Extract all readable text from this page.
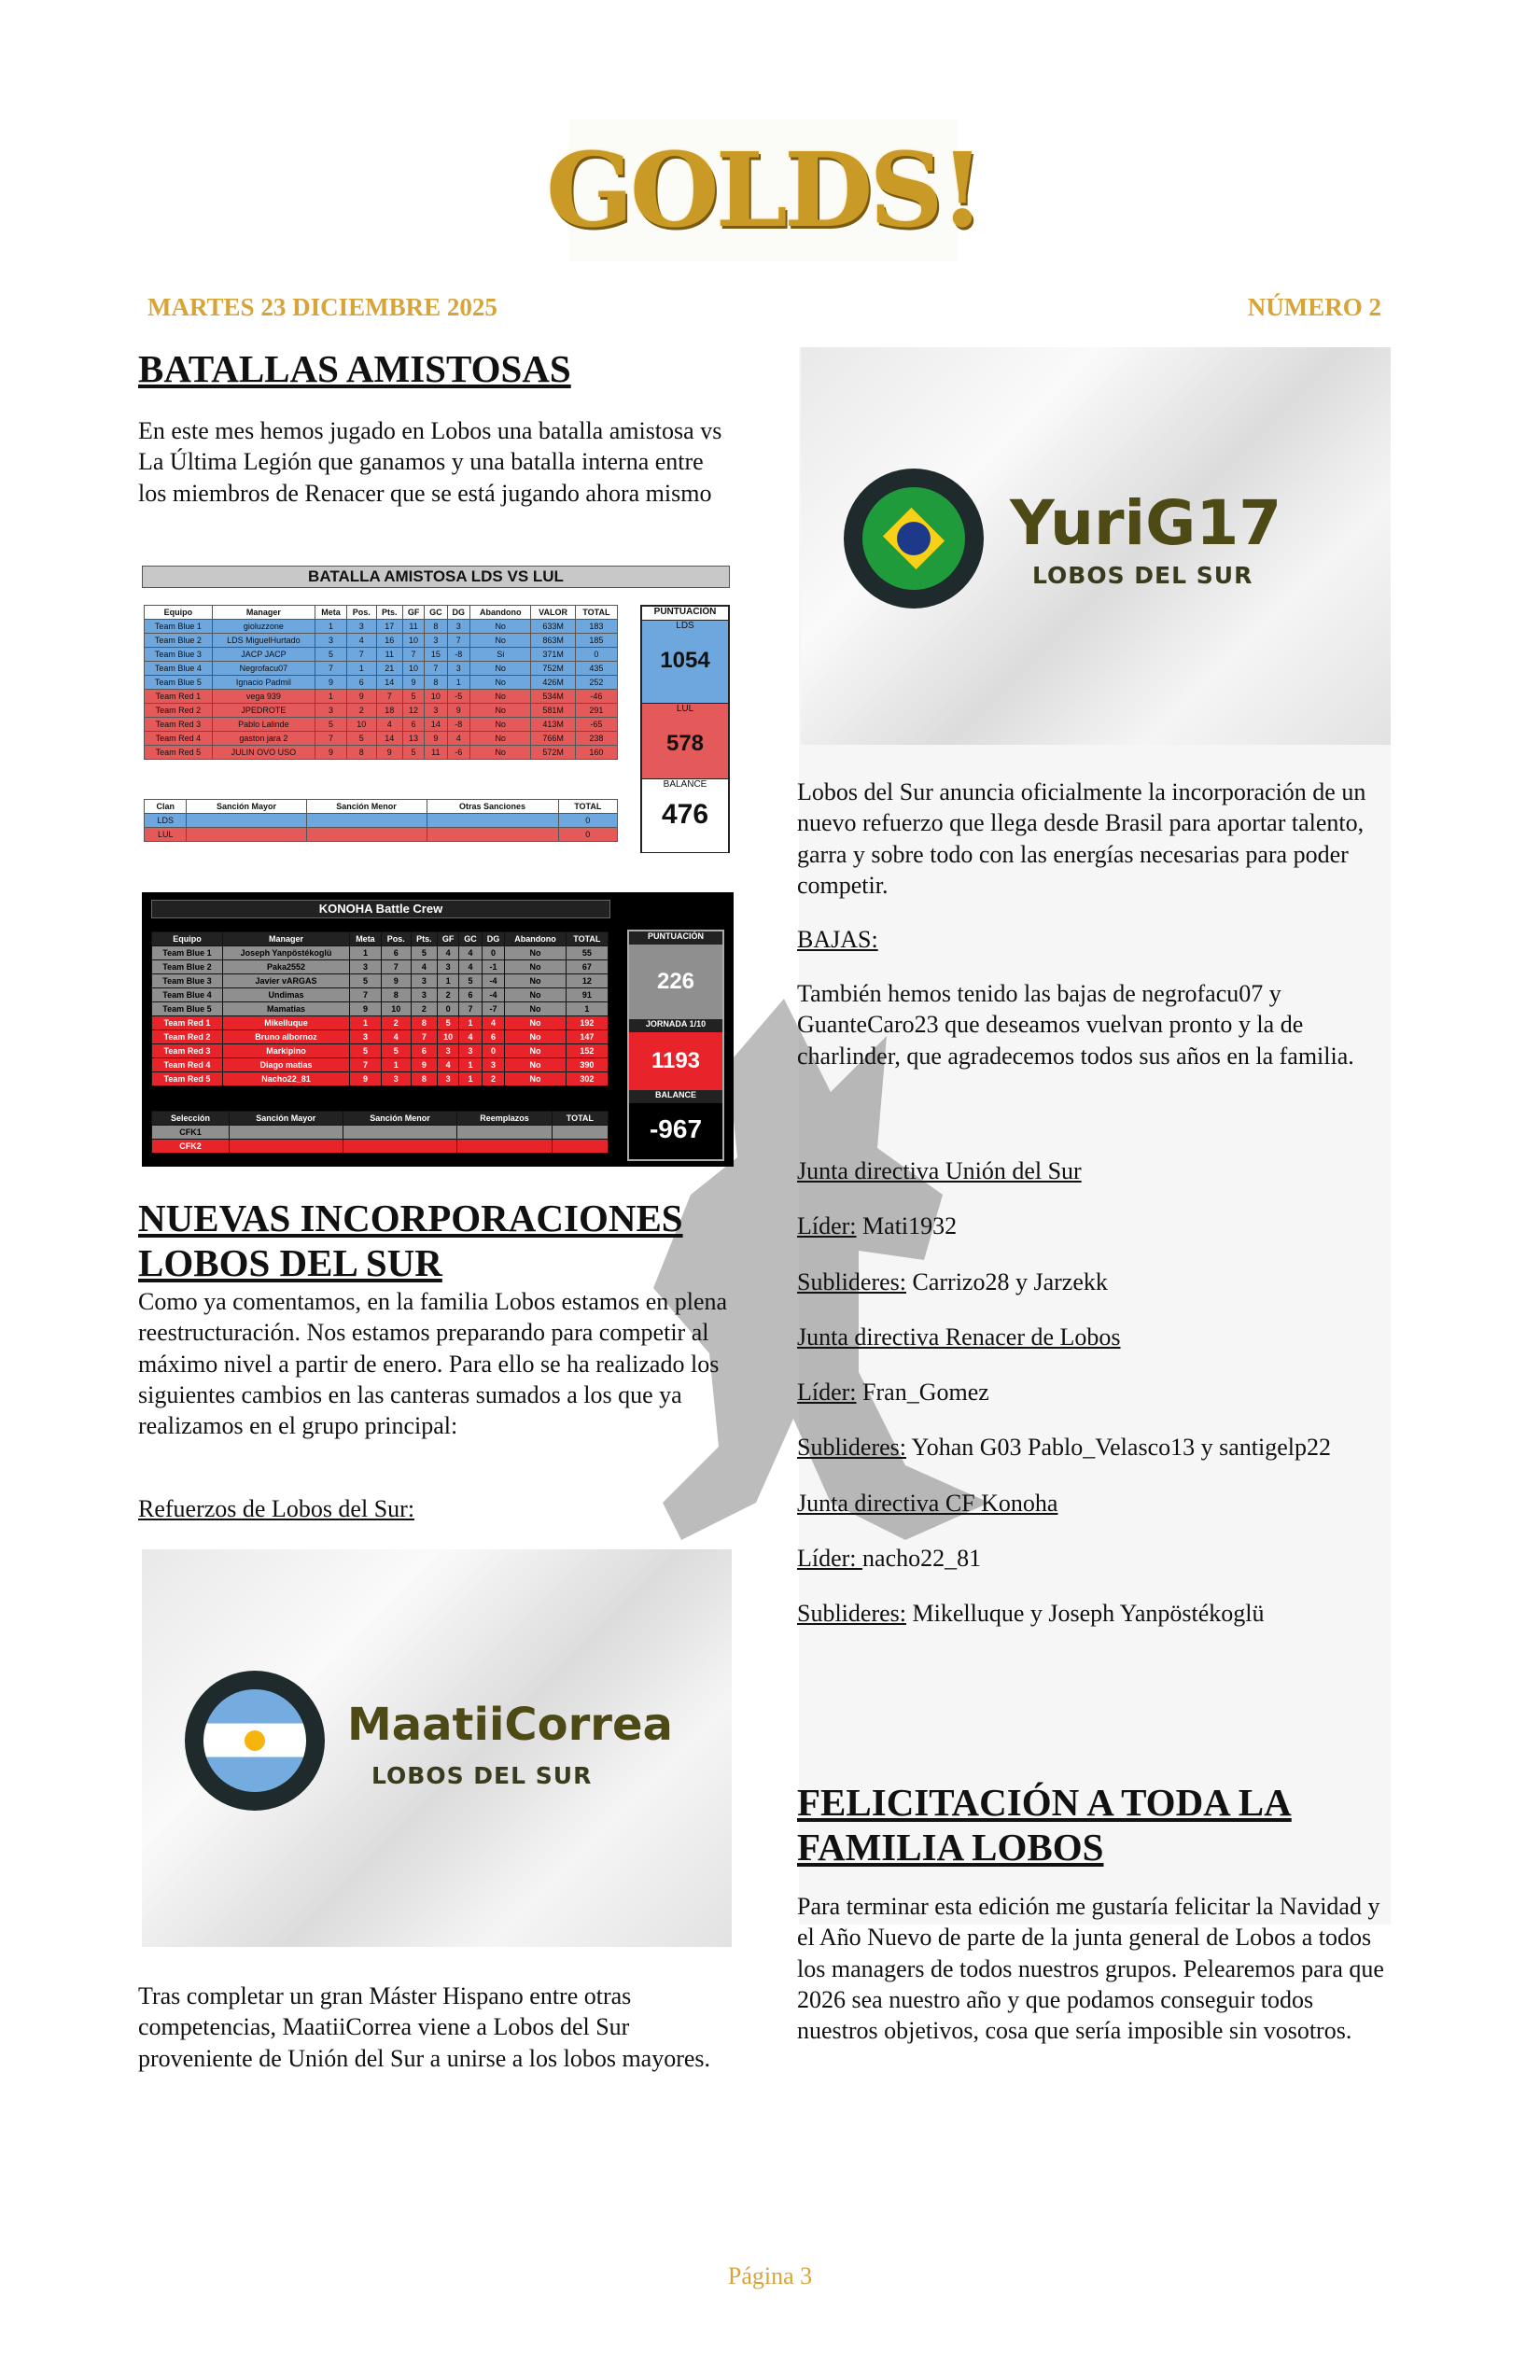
GOLDS!
MARTES 23 DICIEMBRE 2025	NÚMERO 2
BATALLAS AMISTOSAS

En este mes hemos jugado en Lobos una batalla amistosa vs La Última Legión que ganamos y una batalla interna entre los miembros de Renacer que se está jugando ahora mismo

BATALLA AMISTOSA LDS VS LUL
Equipo	Manager	Meta	Pos.	Pts.	GF	GC	DG	Abandono	VALOR	TOTAL
Team Blue 1	gioluzzone	1	3	17	11	8	3	No	633M	183
Team Blue 2	LDS MiguelHurtado	3	4	16	10	3	7	No	863M	185
Team Blue 3	JACP JACP	5	7	11	7	15	-8	Si	371M	0
Team Blue 4	Negrofacu07	7	1	21	10	7	3	No	752M	435
Team Blue 5	Ignacio Padmil	9	6	14	9	8	1	No	426M	252
Team Red 1	vega 939	1	9	7	5	10	-5	No	534M	-46
Team Red 2	JPEDROTE	3	2	18	12	3	9	No	581M	291
Team Red 3	Pablo Lalinde	5	10	4	6	14	-8	No	413M	-65
Team Red 4	gaston jara 2	7	5	14	13	9	4	No	766M	238
Team Red 5	JULIN OVO USO	9	8	9	5	11	-6	No	572M	160
Clan	Sanción Mayor	Sanción Menor	Otras Sanciones	TOTAL
LDS				0
LUL				0
PUNTUACIÓN
LDS
1054
LUL
578
BALANCE
476
KONOHA Battle Crew
Equipo	Manager	Meta	Pos.	Pts.	GF	GC	DG	Abandono	TOTAL
Team Blue 1	Joseph Yanpöstékoglü	1	6	5	4	4	0	No	55
Team Blue 2	Paka2552	3	7	4	3	4	-1	No	67
Team Blue 3	Javier vARGAS	5	9	3	1	5	-4	No	12
Team Blue 4	Undimas	7	8	3	2	6	-4	No	91
Team Blue 5	Mamatias	9	10	2	0	7	-7	No	1
Team Red 1	Mikelluque	1	2	8	5	1	4	No	192
Team Red 2	Bruno albornoz	3	4	7	10	4	6	No	147
Team Red 3	Markipino	5	5	6	3	3	0	No	152
Team Red 4	Diago matias	7	1	9	4	1	3	No	390
Team Red 5	Nacho22_81	9	3	8	3	1	2	No	302
Selección	Sanción Mayor	Sanción Menor	Reemplazos	TOTAL
CFK1				
CFK2				
PUNTUACIÓN
226
JORNADA 1/10
1193
BALANCE
-967
NUEVAS INCORPORACIONES LOBOS DEL SUR

Como ya comentamos, en la familia Lobos estamos en plena reestructuración. Nos estamos preparando para competir al máximo nivel a partir de enero. Para ello se ha realizado los siguientes cambios en las canteras sumados a los que ya realizamos en el grupo principal:

Refuerzos de Lobos del Sur:

MaatiiCorrea
LOBOS DEL SUR

Tras completar un gran Máster Hispano entre otras competencias, MaatiiCorrea viene a Lobos del Sur proveniente de Unión del Sur a unirse a los lobos mayores.

YuriG17
LOBOS DEL SUR

Lobos del Sur anuncia oficialmente la incorporación de un nuevo refuerzo que llega desde Brasil para aportar talento, garra y sobre todo con las energías necesarias para poder competir.

BAJAS:

También hemos tenido las bajas de negrofacu07 y GuanteCaro23 que deseamos vuelvan pronto y la de charlinder, que agradecemos todos sus años en la familia.

Junta directiva Unión del Sur

Líder: Mati1932

Sublideres: Carrizo28 y Jarzekk

Junta directiva Renacer de Lobos

Líder: Fran_Gomez

Sublideres: Yohan G03 Pablo_Velasco13 y santigelp22

Junta directiva CF Konoha

Líder: nacho22_81

Sublideres: Mikelluque y Joseph Yanpöstékoglü

FELICITACIÓN A TODA LA FAMILIA LOBOS

Para terminar esta edición me gustaría felicitar la Navidad y el Año Nuevo de parte de la junta general de Lobos a todos los managers de todos nuestros grupos. Pelearemos para que 2026 sea nuestro año y que podamos conseguir todos nuestros objetivos, cosa que sería imposible sin vosotros.

Página 3
